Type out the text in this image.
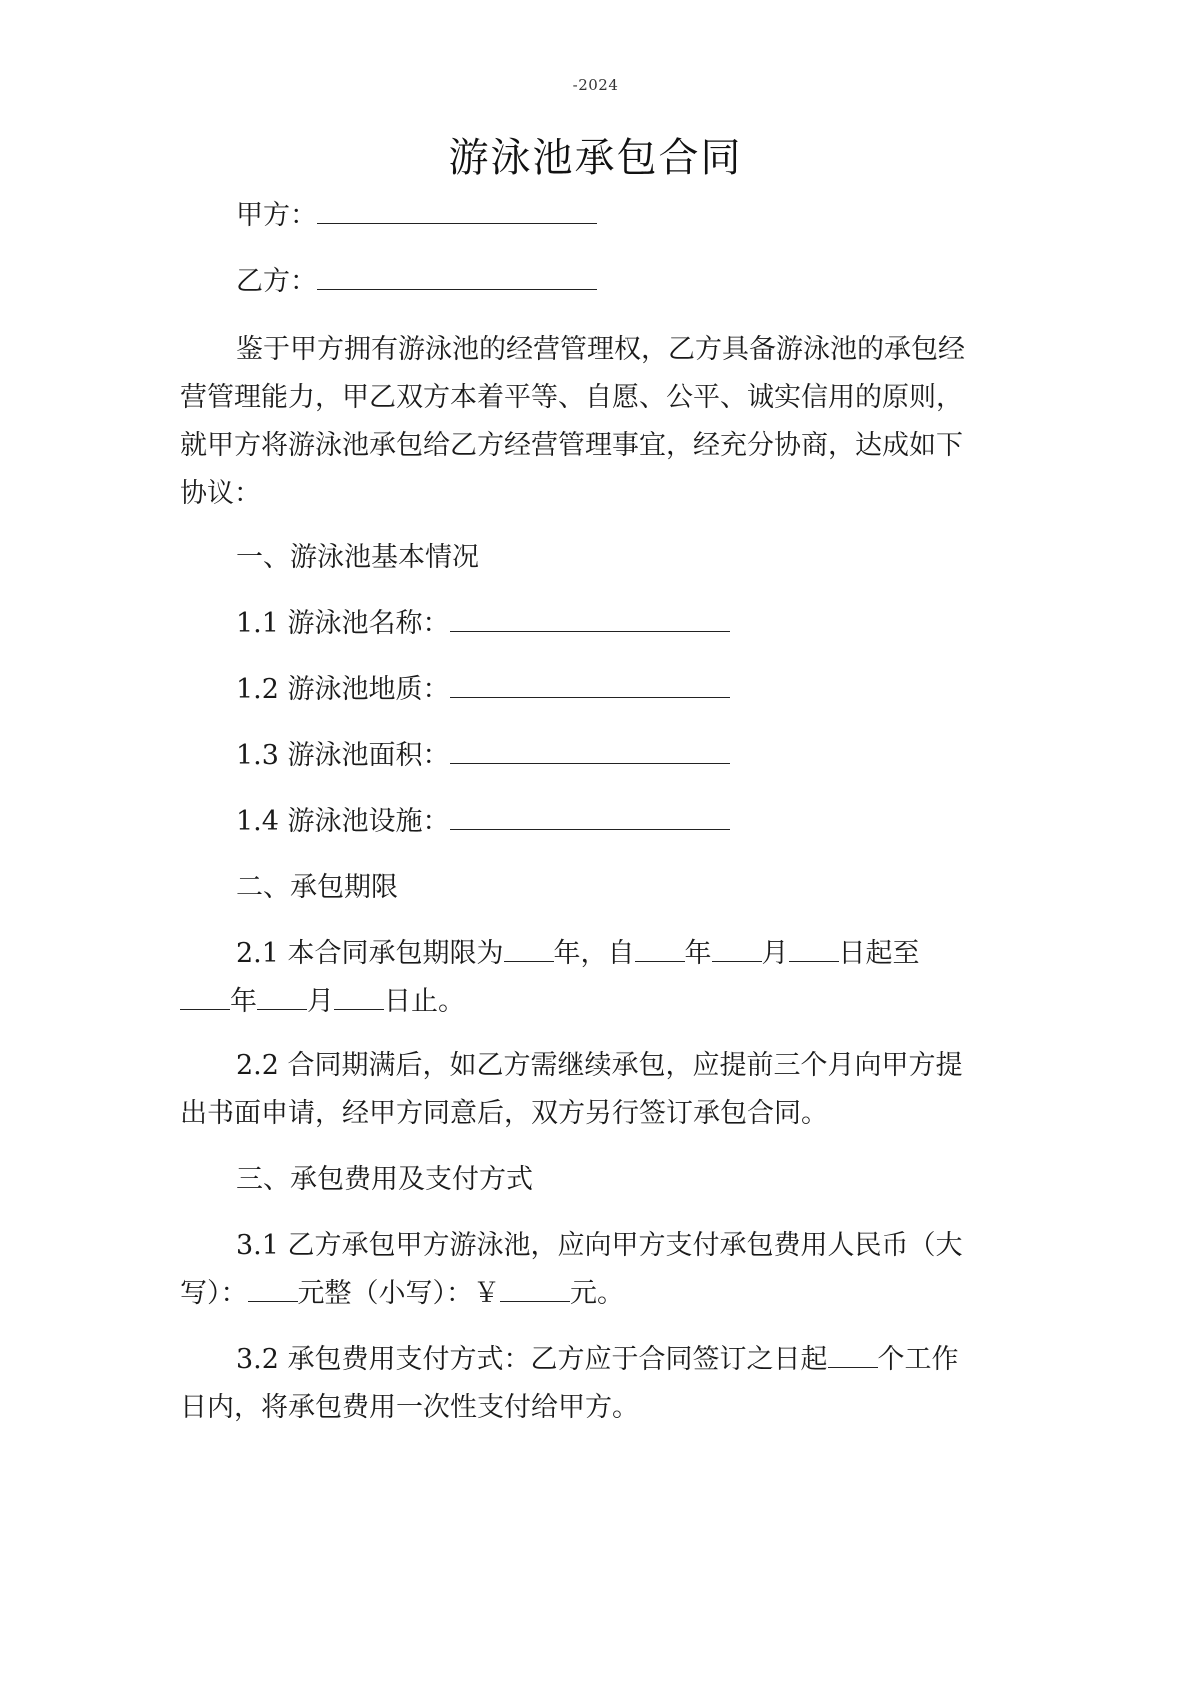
-2024
游泳池承包合同
甲方：
乙方：
鉴于甲方拥有游泳池的经营管理权，乙方具备游泳池的承包经
营管理能力，甲乙双方本着平等、自愿、公平、诚实信用的原则，
就甲方将游泳池承包给乙方经营管理事宜，经充分协商，达成如下
协议：
一、游泳池基本情况
1.1 游泳池名称：
1.2 游泳池地质：
1.3 游泳池面积：
1.4 游泳池设施：
二、承包期限
2.1 本合同承包期限为 年，自 年 月 日起至
年 月 日止。
2.2 合同期满后，如乙方需继续承包，应提前三个月向甲方提
出书面申请，经甲方同意后，双方另行签订承包合同。
三、承包费用及支付方式
3.1 乙方承包甲方游泳池，应向甲方支付承包费用人民币（大
写）： 元整（小写）：￥	元。
3.2 承包费用支付方式：乙方应于合同签订之日起 个工作
日内，将承包费用一次性支付给甲方。
